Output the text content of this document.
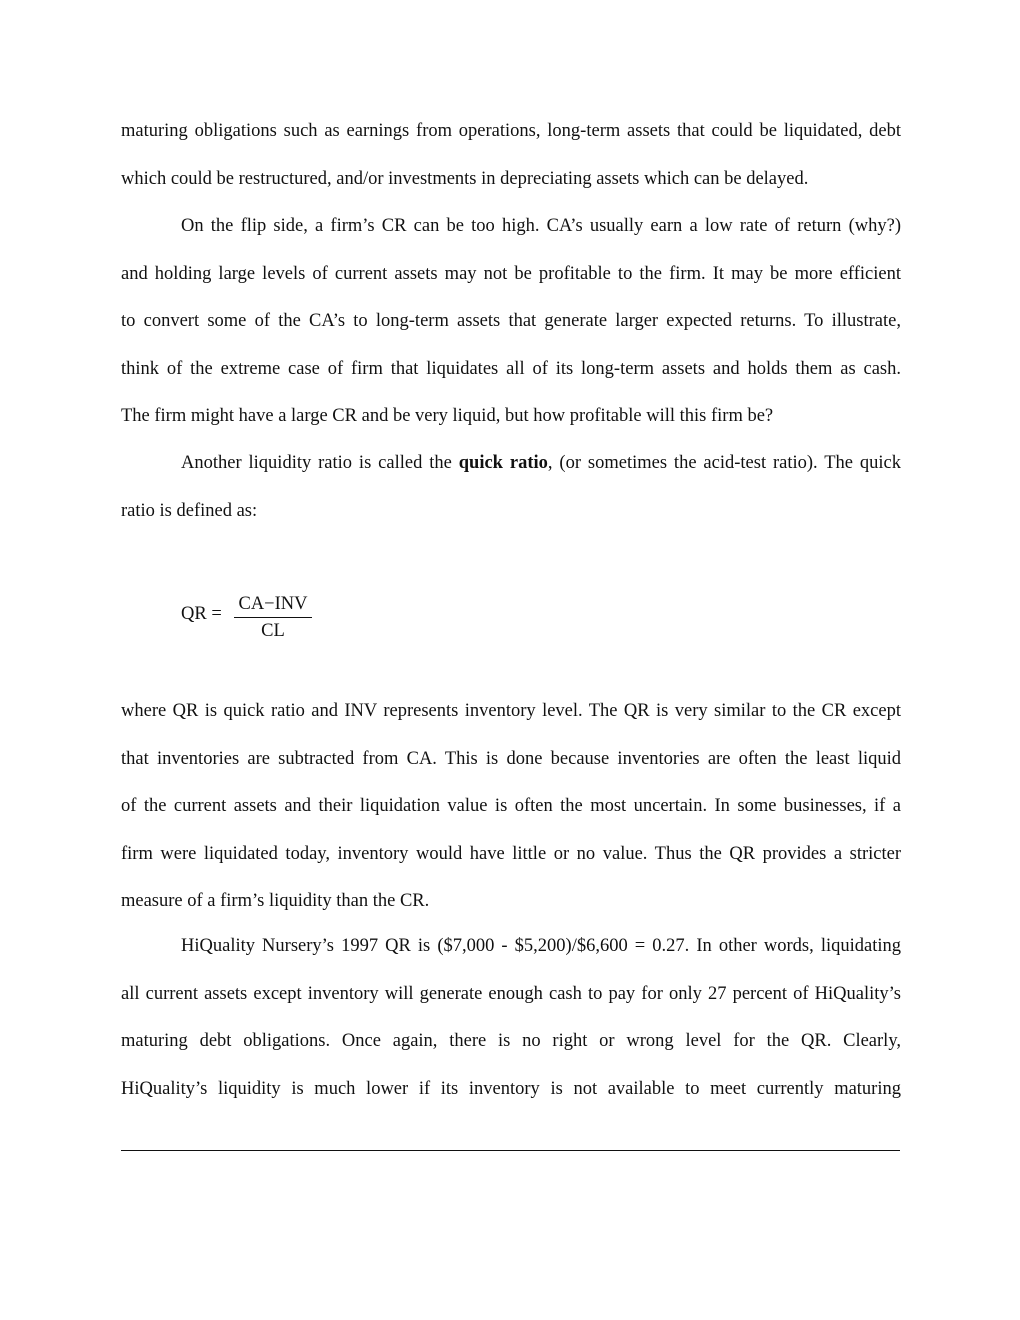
maturing obligations such as earnings from operations, long-term assets that could be liquidated, debt
which could be restructured, and/or investments in depreciating assets which can be delayed.

On the flip side, a firm’s CR can be too high. CA’s usually earn a low rate of return (why?)
and holding large levels of current assets may not be profitable to the firm. It may be more efficient
to convert some of the CA’s to long-term assets that generate larger expected returns. To illustrate,
think of the extreme case of firm that liquidates all of its long-term assets and holds them as cash.
The firm might have a large CR and be very liquid, but how profitable will this firm be?

Another liquidity ratio is called the quick ratio, (or sometimes the acid-test ratio). The quick
ratio is defined as:

QR = CA−INV
CL

where QR is quick ratio and INV represents inventory level. The QR is very similar to the CR except
that inventories are subtracted from CA. This is done because inventories are often the least liquid
of the current assets and their liquidation value is often the most uncertain. In some businesses, if a
firm were liquidated today, inventory would have little or no value. Thus the QR provides a stricter
measure of a firm’s liquidity than the CR.

HiQuality Nursery’s 1997 QR is ($7,000 - $5,200)/$6,600 = 0.27. In other words, liquidating
all current assets except inventory will generate enough cash to pay for only 27 percent of HiQuality’s
maturing debt obligations. Once again, there is no right or wrong level for the QR. Clearly,
HiQuality’s liquidity is much lower if its inventory is not available to meet currently maturing
